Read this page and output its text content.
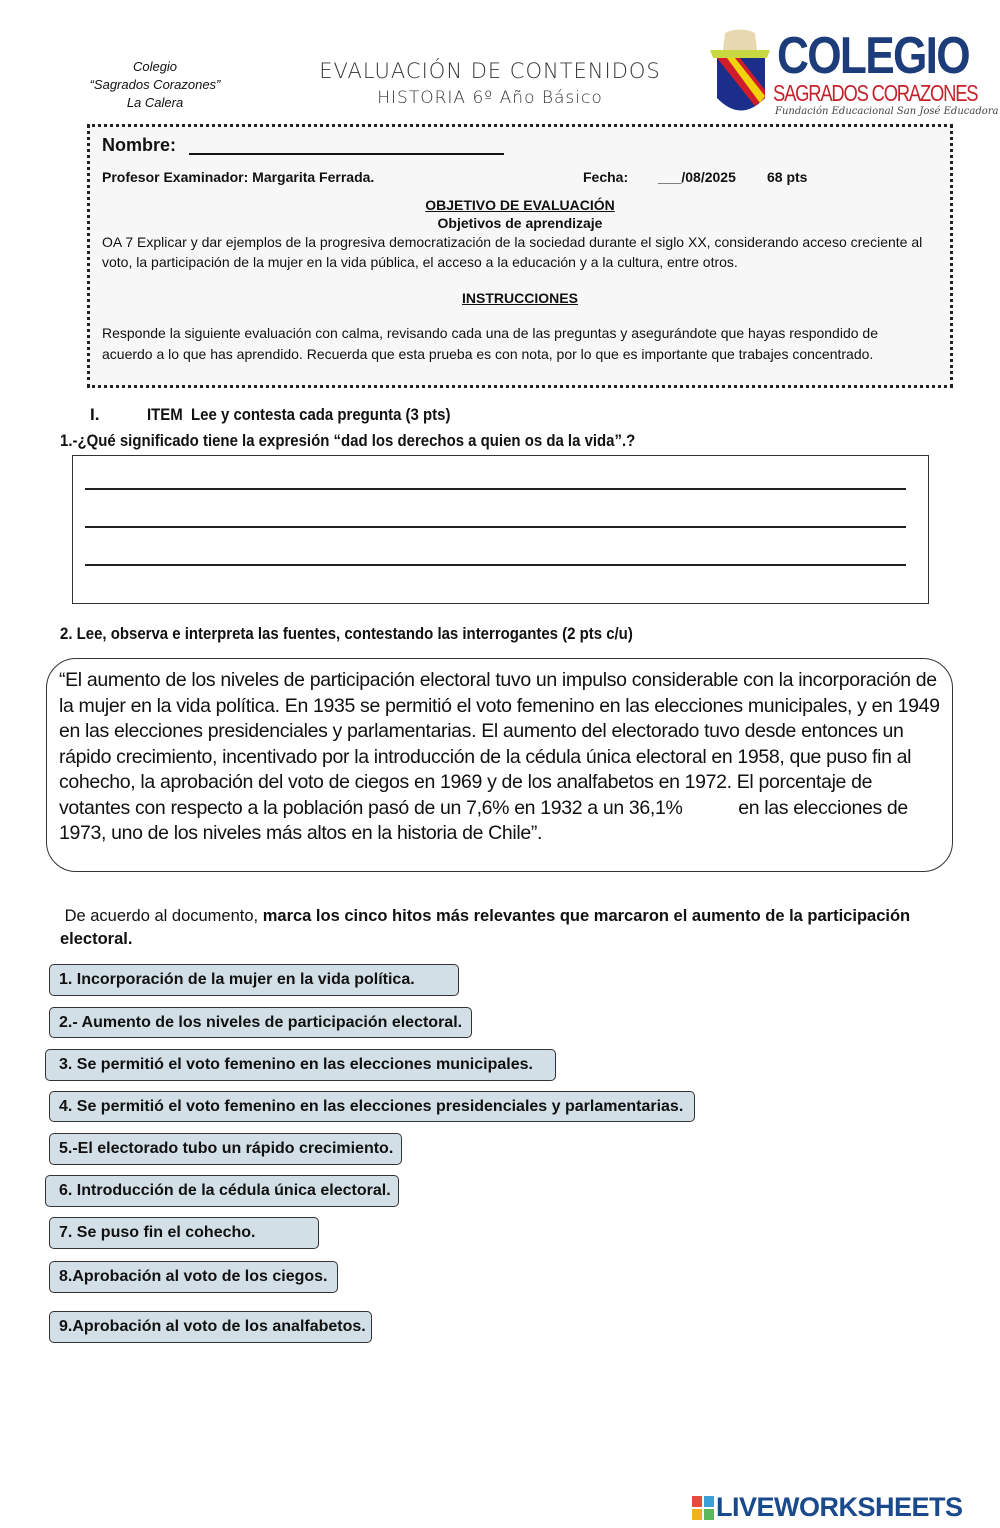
Colegio
“Sagrados Corazones”
La Calera
EVALUACIÓN DE CONTENIDOS
HISTORIA 6º Año Básico
COLEGIO
SAGRADOS CORAZONES
Fundación Educacional San José Educadora
Nombre:
Profesor Examinador: Margarita Ferrada.	Fecha: ___/08/2025 68 pts
OBJETIVO DE EVALUACIÓN
Objetivos de aprendizaje
OA 7 Explicar y dar ejemplos de la progresiva democratización de la sociedad durante el siglo XX, considerando acceso creciente al voto, la participación de la mujer en la vida pública, el acceso a la educación y a la cultura, entre otros.
INSTRUCCIONES
Responde la siguiente evaluación con calma, revisando cada una de las preguntas y asegurándote que hayas respondido de acuerdo a lo que has aprendido. Recuerda que esta prueba es con nota, por lo que es importante que trabajes concentrado.
I.	ITEM  Lee y contesta cada pregunta (3 pts)
1.-¿Qué significado tiene la expresión “dad los derechos a quien os da la vida”.?
2. Lee, observa e interpreta las fuentes, contestando las interrogantes (2 pts c/u)
“El aumento de los niveles de participación electoral tuvo un impulso considerable con la incorporación de la mujer en la vida política. En 1935 se permitió el voto femenino en las elecciones municipales, y en 1949 en las elecciones presidenciales y parlamentarias. El aumento del electorado tuvo desde entonces un rápido crecimiento, incentivado por la introducción de la cédula única electoral en 1958, que puso fin al cohecho, la aprobación del voto de ciegos en 1969 y de los analfabetos en 1972. El porcentaje de votantes con respecto a la población pasó de un 7,6% en 1932 a un 36,1%           en las elecciones de 1973, uno de los niveles más altos en la historia de Chile”.
De acuerdo al documento, marca los cinco hitos más relevantes que marcaron el aumento de la participación electoral.
1. Incorporación de la mujer en la vida política.
2.- Aumento de los niveles de participación electoral.
3. Se permitió el voto femenino en las elecciones municipales.
4. Se permitió el voto femenino en las elecciones presidenciales y parlamentarias.
5.-El electorado tubo un rápido crecimiento.
6. Introducción de la cédula única electoral.
7. Se puso fin el cohecho.
8.Aprobación al voto de los ciegos.
9.Aprobación al voto de los analfabetos.
LIVEWORKSHEETS
